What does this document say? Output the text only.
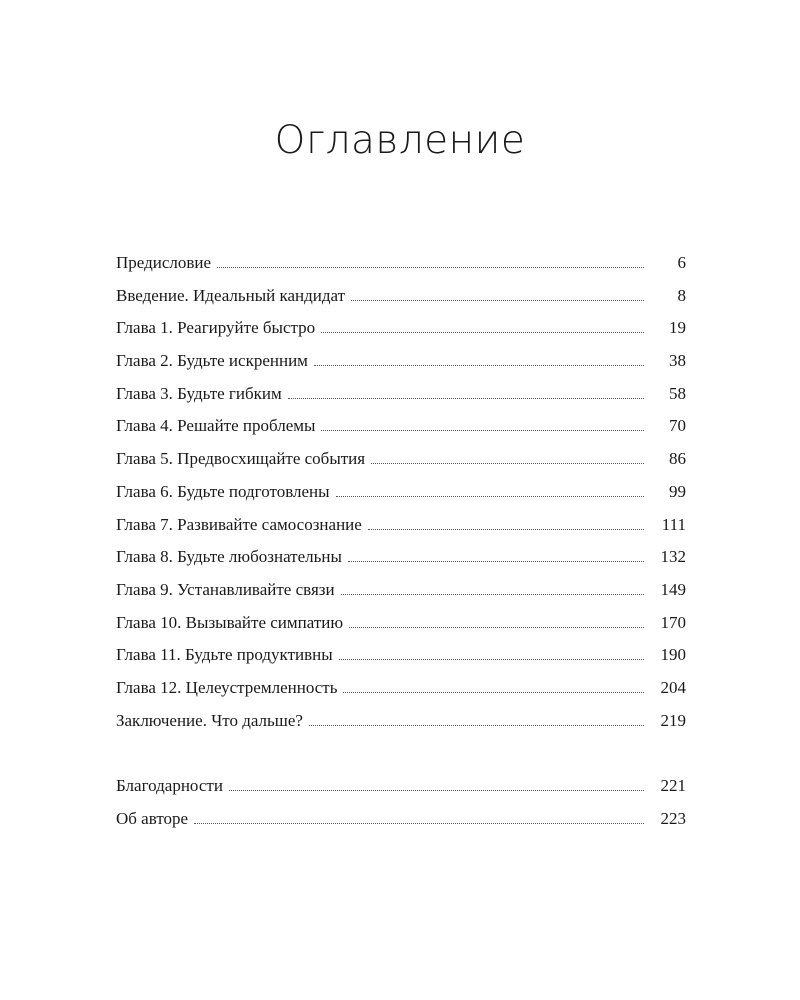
Оглавление
Предисловие	6
Введение. Идеальный кандидат	8
Глава 1. Реагируйте быстро	19
Глава 2. Будьте искренним	38
Глава 3. Будьте гибким	58
Глава 4. Решайте проблемы	70
Глава 5. Предвосхищайте события	86
Глава 6. Будьте подготовлены	99
Глава 7. Развивайте самосознание	111
Глава 8. Будьте любознательны	132
Глава 9. Устанавливайте связи	149
Глава 10. Вызывайте симпатию	170
Глава 11. Будьте продуктивны	190
Глава 12. Целеустремленность	204
Заключение. Что дальше?	219
Благодарности	221
Об авторе	223
